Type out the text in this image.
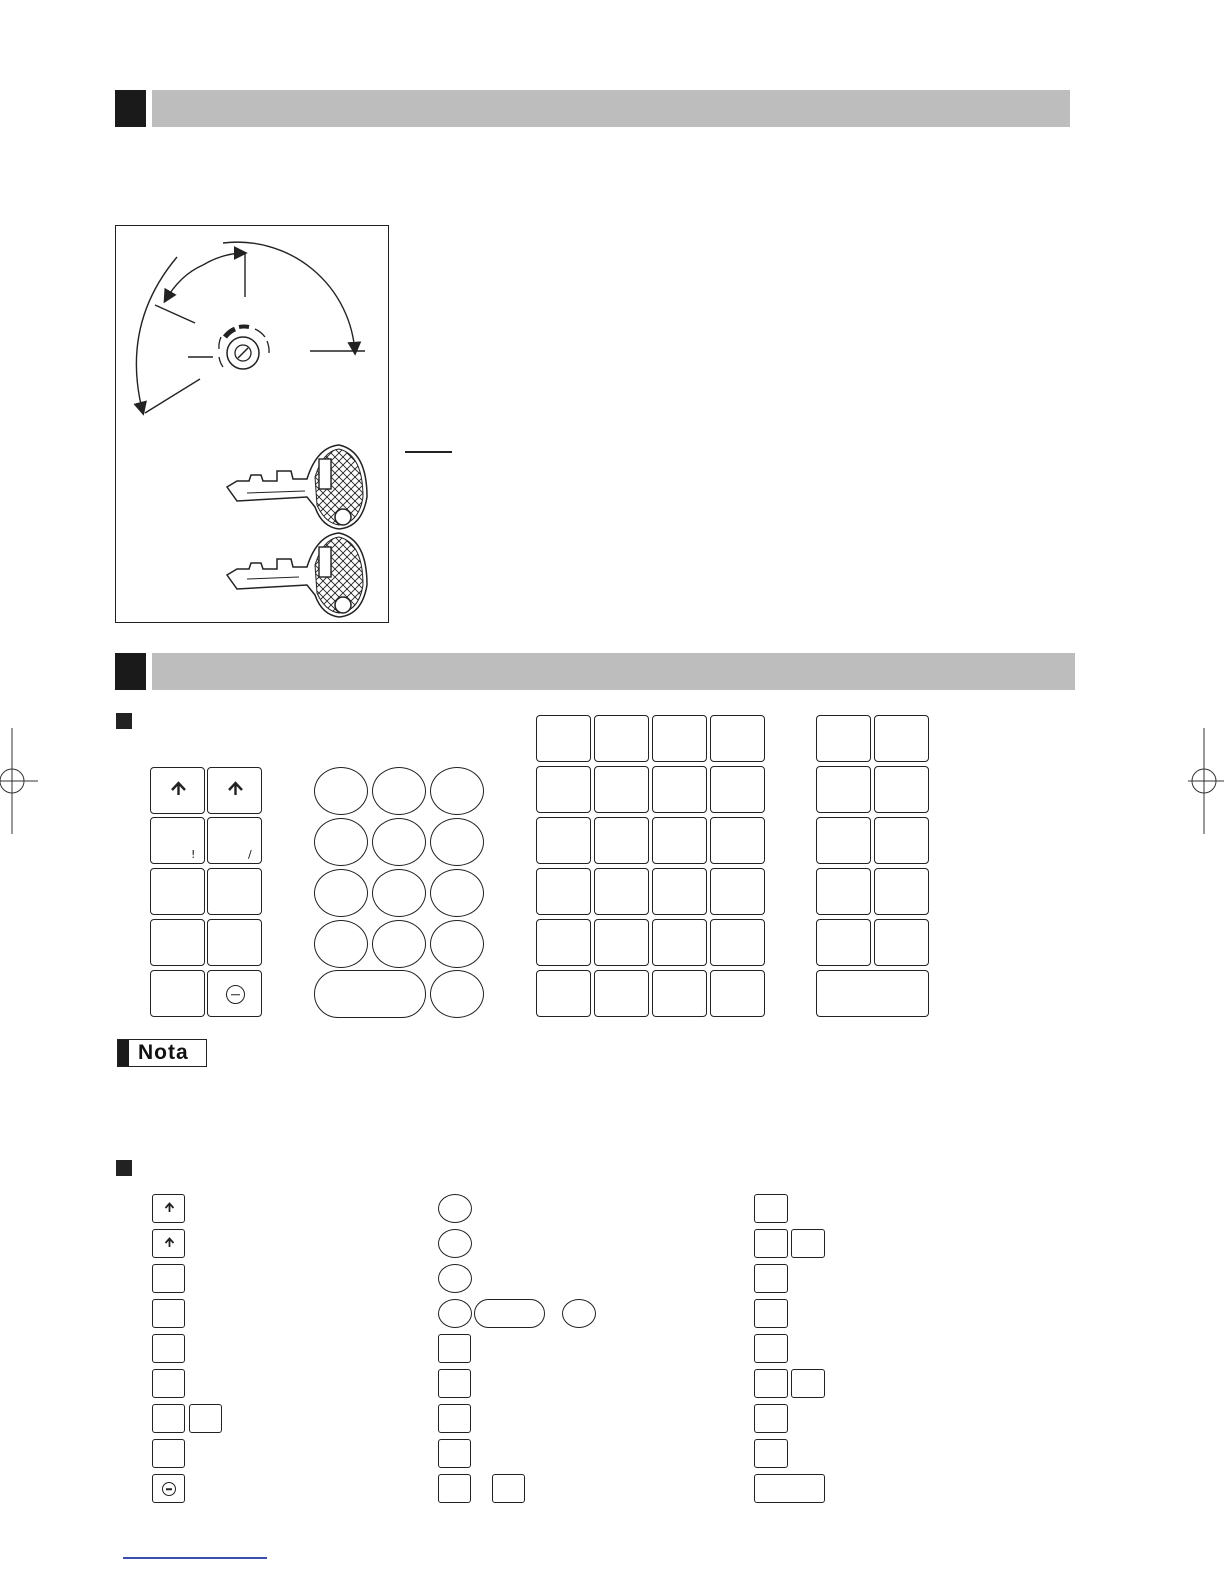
!	/
Nota
